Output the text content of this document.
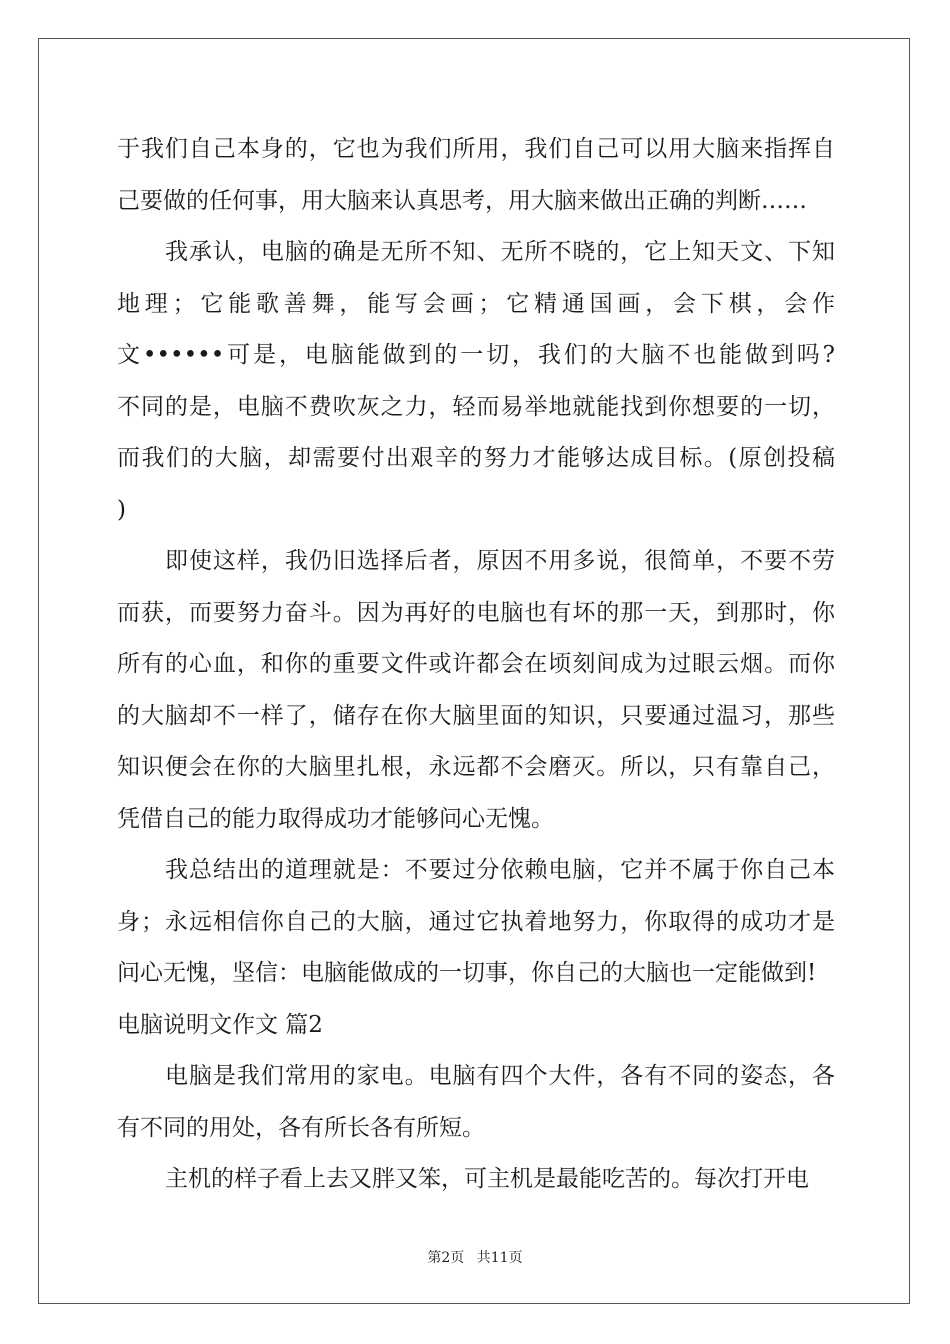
于我们自己本身的，它也为我们所用，我们自己可以用大脑来指挥自
己要做的任何事，用大脑来认真思考，用大脑来做出正确的判断……
我承认，电脑的确是无所不知、无所不晓的，它上知天文、下知
地理；它能歌善舞，能写会画；它精通国画，会下棋，会作
文••••••可是，电脑能做到的一切，我们的大脑不也能做到吗?
不同的是，电脑不费吹灰之力，轻而易举地就能找到你想要的一切，
而我们的大脑，却需要付出艰辛的努力才能够达成目标。(原创投稿
)
即使这样，我仍旧选择后者，原因不用多说，很简单，不要不劳
而获，而要努力奋斗。因为再好的电脑也有坏的那一天，到那时，你
所有的心血，和你的重要文件或许都会在顷刻间成为过眼云烟。而你
的大脑却不一样了，储存在你大脑里面的知识，只要通过温习，那些
知识便会在你的大脑里扎根，永远都不会磨灭。所以，只有靠自己，
凭借自己的能力取得成功才能够问心无愧。
我总结出的道理就是：不要过分依赖电脑，它并不属于你自己本
身；永远相信你自己的大脑，通过它执着地努力，你取得的成功才是
问心无愧，坚信：电脑能做成的一切事，你自己的大脑也一定能做到!
电脑说明文作文 篇2
电脑是我们常用的家电。电脑有四个大件，各有不同的姿态，各
有不同的用处，各有所长各有所短。
主机的样子看上去又胖又笨，可主机是最能吃苦的。每次打开电
第2页 共11页
